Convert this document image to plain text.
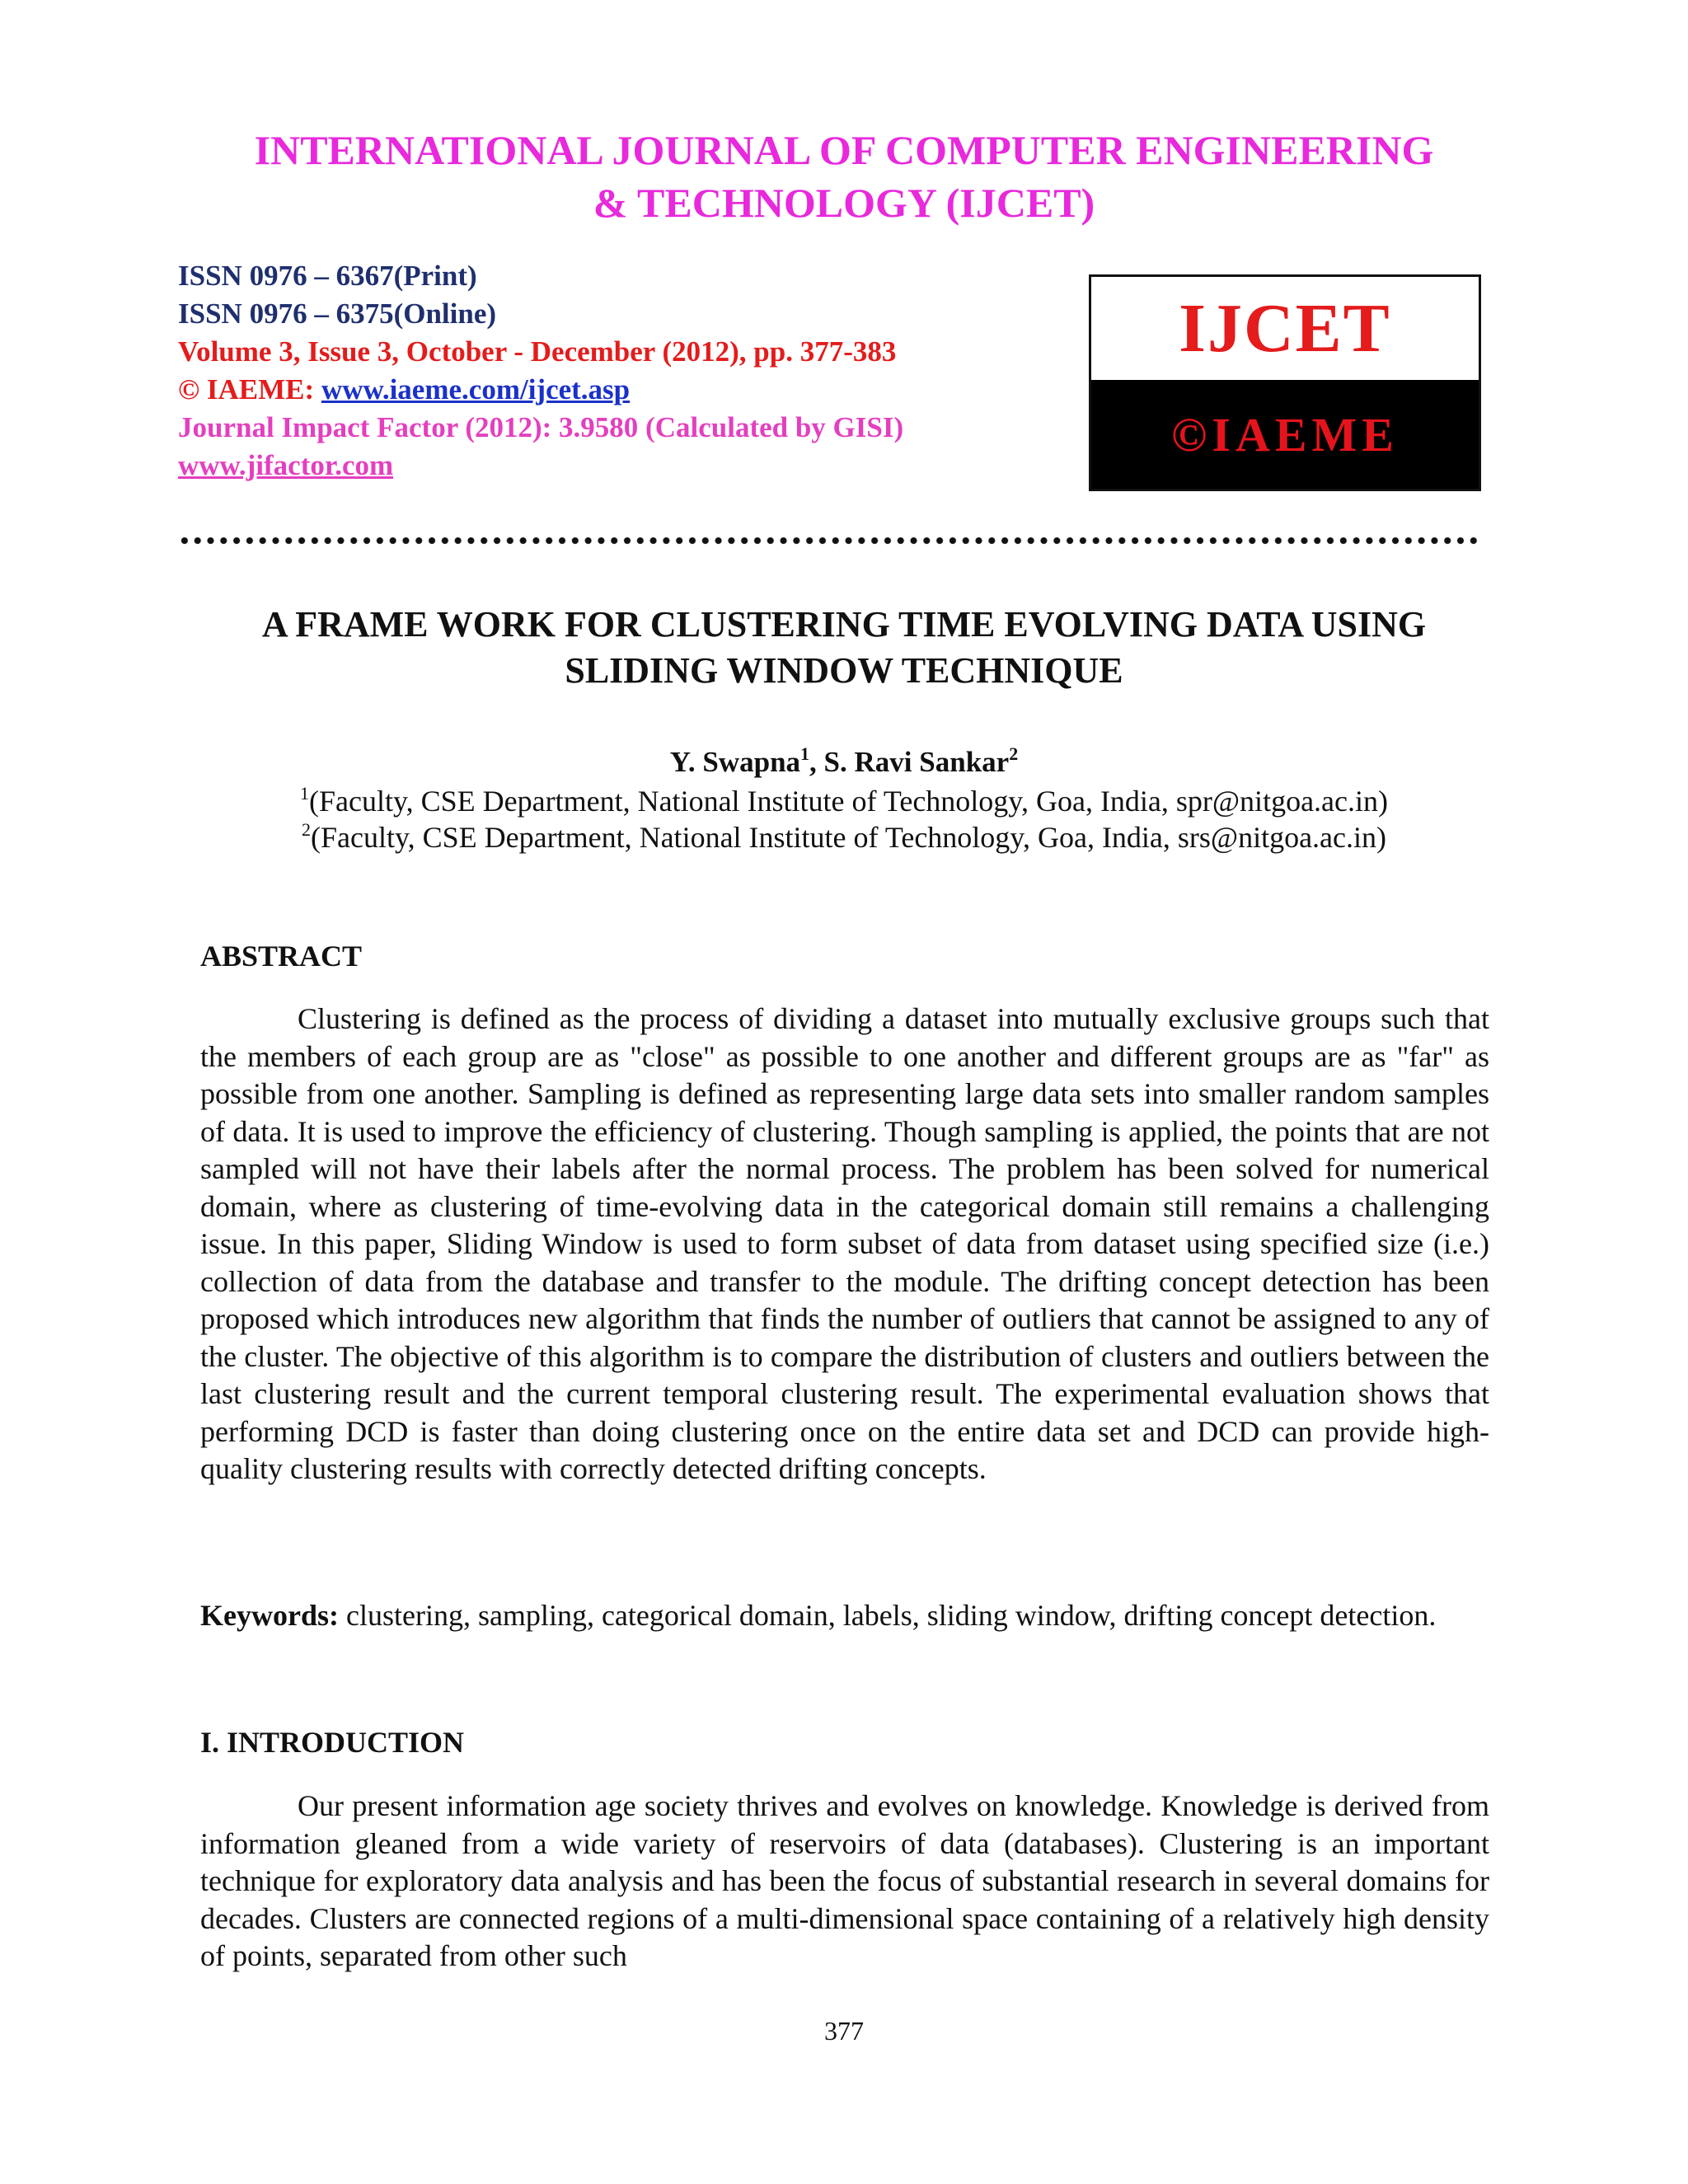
INTERNATIONAL JOURNAL OF COMPUTER ENGINEERING
& TECHNOLOGY (IJCET)
ISSN 0976 – 6367(Print)
ISSN 0976 – 6375(Online)
Volume 3, Issue 3, October - December (2012), pp. 377-383
© IAEME: www.iaeme.com/ijcet.asp
Journal Impact Factor (2012): 3.9580 (Calculated by GISI)
www.jifactor.com
IJCET
©IAEME
A FRAME WORK FOR CLUSTERING TIME EVOLVING DATA USING
SLIDING WINDOW TECHNIQUE
Y. Swapna$^1$, S. Ravi Sankar$^2$
$^1$(Faculty, CSE Department, National Institute of Technology, Goa, India, spr@nitgoa.ac.in)
$^2$(Faculty, CSE Department, National Institute of Technology, Goa, India, srs@nitgoa.ac.in)
ABSTRACT

Clustering is defined as the process of dividing a dataset into mutually exclusive groups such that the members of each group are as "close" as possible to one another and different groups are as "far" as possible from one another. Sampling is defined as representing large data sets into smaller random samples of data. It is used to improve the efficiency of clustering. Though sampling is applied, the points that are not sampled will not have their labels after the normal process. The problem has been solved for numerical domain, where as clustering of time-evolving data in the categorical domain still remains a challenging issue. In this paper, Sliding Window is used to form subset of data from dataset using specified size (i.e.) collection of data from the database and transfer to the module. The drifting concept detection has been proposed which introduces new algorithm that finds the number of outliers that cannot be assigned to any of the cluster. The objective of this algorithm is to compare the distribution of clusters and outliers between the last clustering result and the current temporal clustering result. The experimental evaluation shows that performing DCD is faster than doing clustering once on the entire data set and DCD can provide high-quality clustering results with correctly detected drifting concepts.

Keywords: clustering, sampling, categorical domain, labels, sliding window, drifting concept detection.

I. INTRODUCTION

Our present information age society thrives and evolves on knowledge. Knowledge is derived from information gleaned from a wide variety of reservoirs of data (databases). Clustering is an important technique for exploratory data analysis and has been the focus of substantial research in several domains for decades. Clusters are connected regions of a multi-dimensional space containing of a relatively high density of points, separated from other such

377
